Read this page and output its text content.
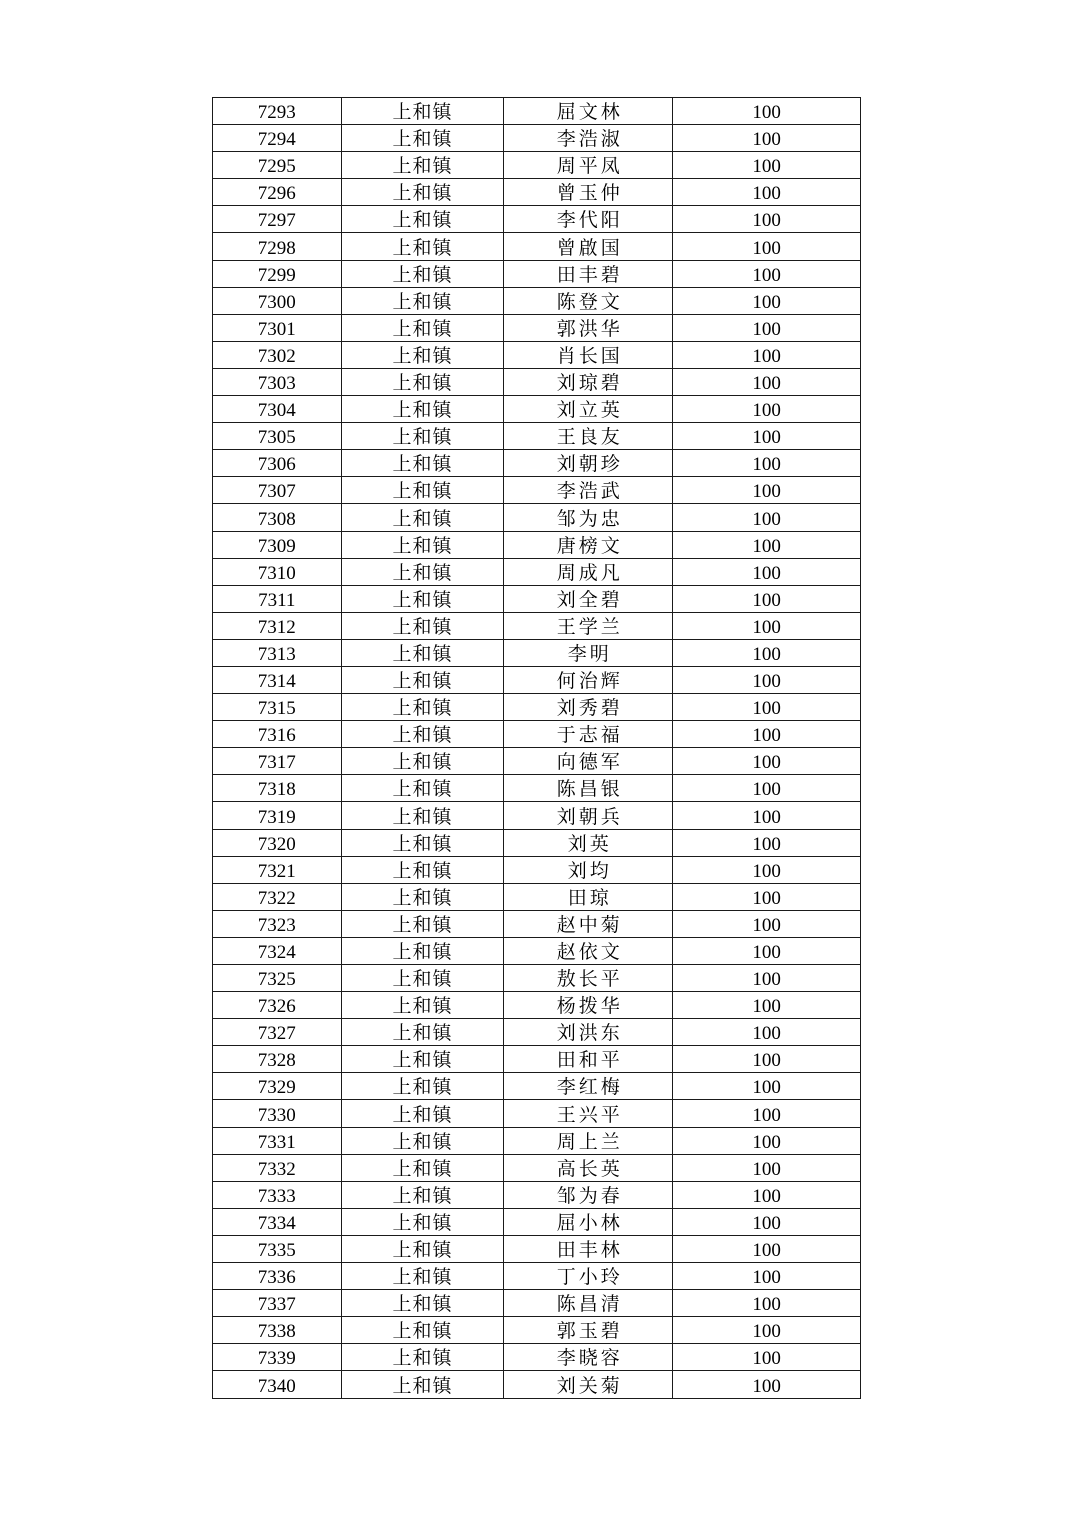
7293	上和镇	屈文林	100
7294	上和镇	李浩淑	100
7295	上和镇	周平凤	100
7296	上和镇	曾玉仲	100
7297	上和镇	李代阳	100
7298	上和镇	曾啟国	100
7299	上和镇	田丰碧	100
7300	上和镇	陈登文	100
7301	上和镇	郭洪华	100
7302	上和镇	肖长国	100
7303	上和镇	刘琼碧	100
7304	上和镇	刘立英	100
7305	上和镇	王良友	100
7306	上和镇	刘朝珍	100
7307	上和镇	李浩武	100
7308	上和镇	邹为忠	100
7309	上和镇	唐榜文	100
7310	上和镇	周成凡	100
7311	上和镇	刘全碧	100
7312	上和镇	王学兰	100
7313	上和镇	李明	100
7314	上和镇	何治辉	100
7315	上和镇	刘秀碧	100
7316	上和镇	于志福	100
7317	上和镇	向德军	100
7318	上和镇	陈昌银	100
7319	上和镇	刘朝兵	100
7320	上和镇	刘英	100
7321	上和镇	刘均	100
7322	上和镇	田琼	100
7323	上和镇	赵中菊	100
7324	上和镇	赵依文	100
7325	上和镇	敖长平	100
7326	上和镇	杨拨华	100
7327	上和镇	刘洪东	100
7328	上和镇	田和平	100
7329	上和镇	李红梅	100
7330	上和镇	王兴平	100
7331	上和镇	周上兰	100
7332	上和镇	高长英	100
7333	上和镇	邹为春	100
7334	上和镇	屈小林	100
7335	上和镇	田丰林	100
7336	上和镇	丁小玲	100
7337	上和镇	陈昌清	100
7338	上和镇	郭玉碧	100
7339	上和镇	李晓容	100
7340	上和镇	刘关菊	100
